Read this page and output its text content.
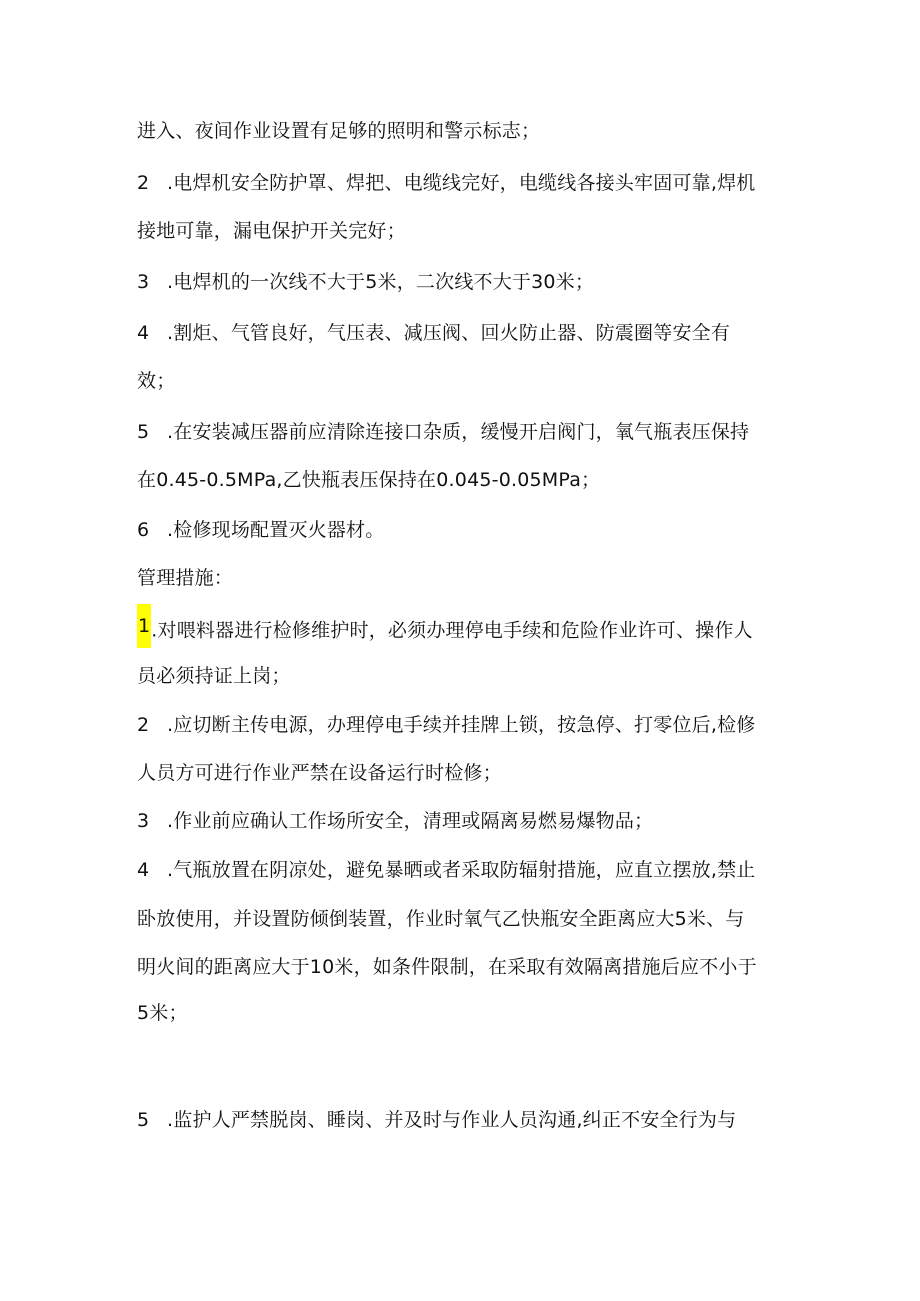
进入、夜间作业设置有足够的照明和警示标志；
2 .电焊机安全防护罩、焊把、电缆线完好，电缆线各接头牢固可靠,焊机
接地可靠，漏电保护开关完好；
3 .电焊机的一次线不大于5米，二次线不大于30米；
4 .割炬、气管良好，气压表、减压阀、回火防止器、防震圈等安全有
效；
5 .在安装减压器前应清除连接口杂质，缓慢开启阀门，氧气瓶表压保持
在0.45-0.5MPa,乙快瓶表压保持在0.045-0.05MPa；
6 .检修现场配置灭火器材。
管理措施：
1.对喂料器进行检修维护时，必须办理停电手续和危险作业许可、操作人
员必须持证上岗；
2 .应切断主传电源，办理停电手续并挂牌上锁，按急停、打零位后,检修
人员方可进行作业严禁在设备运行时检修；
3 .作业前应确认工作场所安全，清理或隔离易燃易爆物品；
4 .气瓶放置在阴凉处，避免暴晒或者采取防辐射措施，应直立摆放,禁止
卧放使用，并设置防倾倒装置，作业时氧气乙快瓶安全距离应大5米、与
明火间的距离应大于10米，如条件限制，在采取有效隔离措施后应不小于
5米；
5 .监护人严禁脱岗、睡岗、并及时与作业人员沟通,纠正不安全行为与
